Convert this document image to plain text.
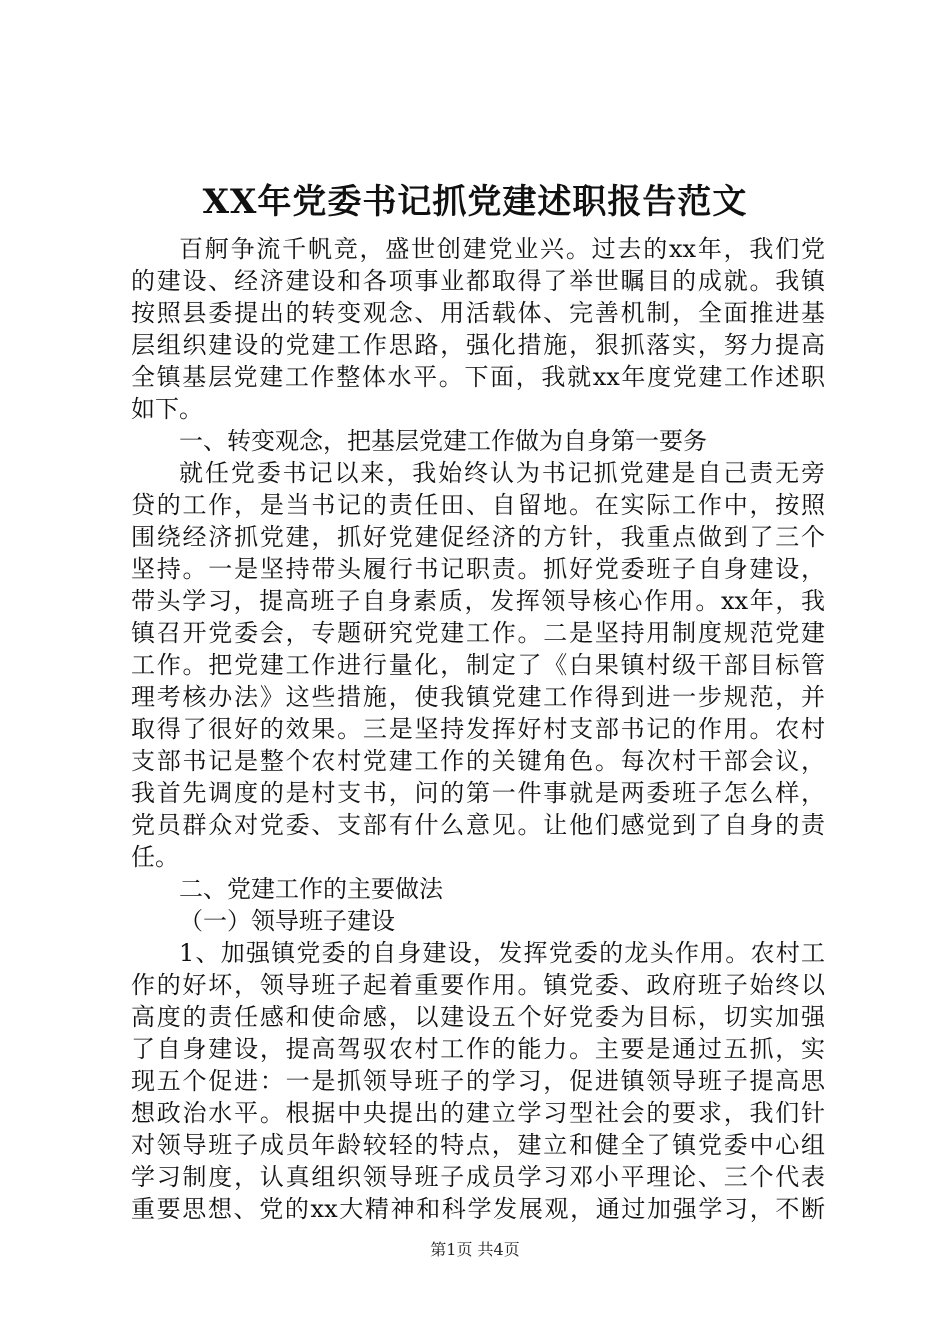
XX年党委书记抓党建述职报告范文
百舸争流千帆竞，盛世创建党业兴。过去的xx年，我们党
的建设、经济建设和各项事业都取得了举世瞩目的成就。我镇
按照县委提出的转变观念、用活载体、完善机制，全面推进基
层组织建设的党建工作思路，强化措施，狠抓落实，努力提高
全镇基层党建工作整体水平。下面，我就xx年度党建工作述职
如下。
一、转变观念，把基层党建工作做为自身第一要务
就任党委书记以来，我始终认为书记抓党建是自己责无旁
贷的工作，是当书记的责任田、自留地。在实际工作中，按照
围绕经济抓党建，抓好党建促经济的方针，我重点做到了三个
坚持。一是坚持带头履行书记职责。抓好党委班子自身建设，
带头学习，提高班子自身素质，发挥领导核心作用。xx年，我
镇召开党委会，专题研究党建工作。二是坚持用制度规范党建
工作。把党建工作进行量化，制定了《白果镇村级干部目标管
理考核办法》这些措施，使我镇党建工作得到进一步规范，并
取得了很好的效果。三是坚持发挥好村支部书记的作用。农村
支部书记是整个农村党建工作的关键角色。每次村干部会议，
我首先调度的是村支书，问的第一件事就是两委班子怎么样，
党员群众对党委、支部有什么意见。让他们感觉到了自身的责
任。
二、党建工作的主要做法
（一）领导班子建设
1、加强镇党委的自身建设，发挥党委的龙头作用。农村工
作的好坏，领导班子起着重要作用。镇党委、政府班子始终以
高度的责任感和使命感，以建设五个好党委为目标，切实加强
了自身建设，提高驾驭农村工作的能力。主要是通过五抓，实
现五个促进：一是抓领导班子的学习，促进镇领导班子提高思
想政治水平。根据中央提出的建立学习型社会的要求，我们针
对领导班子成员年龄较轻的特点，建立和健全了镇党委中心组
学习制度，认真组织领导班子成员学习邓小平理论、三个代表
重要思想、党的xx大精神和科学发展观，通过加强学习，不断
第1页 共4页
